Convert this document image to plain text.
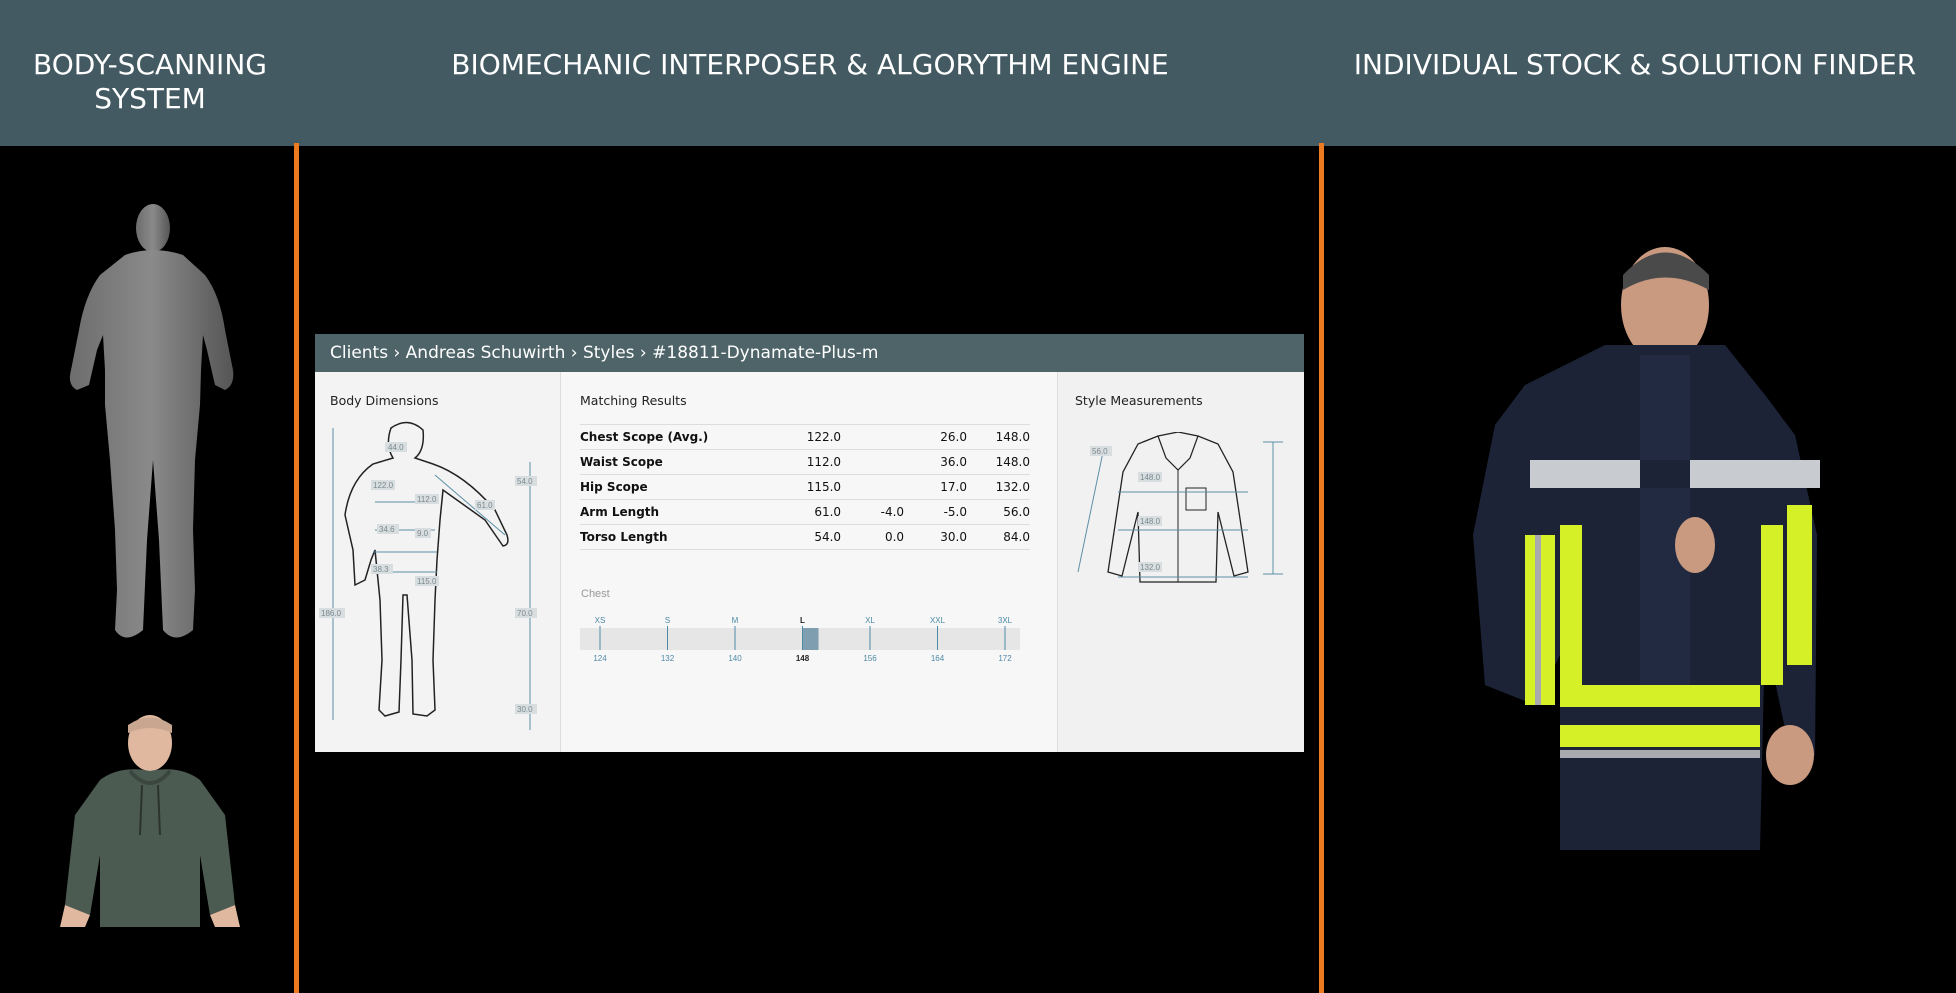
BODY-SCANNING SYSTEM
BIOMECHANIC INTERPOSER & ALGORYTHM ENGINE	INDIVIDUAL STOCK & SOLUTION FINDER
Clients › Andreas Schuwirth › Styles › #18811-Dynamate-Plus-m
Body Dimensions
44.0
122.0
112.0
61.0
54.0
34.6	9.0
38.3
115.0
186.0	70.0
30.0
Matching Results
Chest Scope (Avg.)	122.0		26.0	148.0
Waist Scope	112.0		36.0	148.0
Hip Scope	115.0		17.0	132.0
Arm Length	61.0	-4.0	-5.0	56.0
Torso Length	54.0	0.0	30.0	84.0
Chest
XS
124
S
132
M
140
L
148
XL
156
XXL
164
3XL
172
Style Measurements
56.0
148.0
148.0
132.0
